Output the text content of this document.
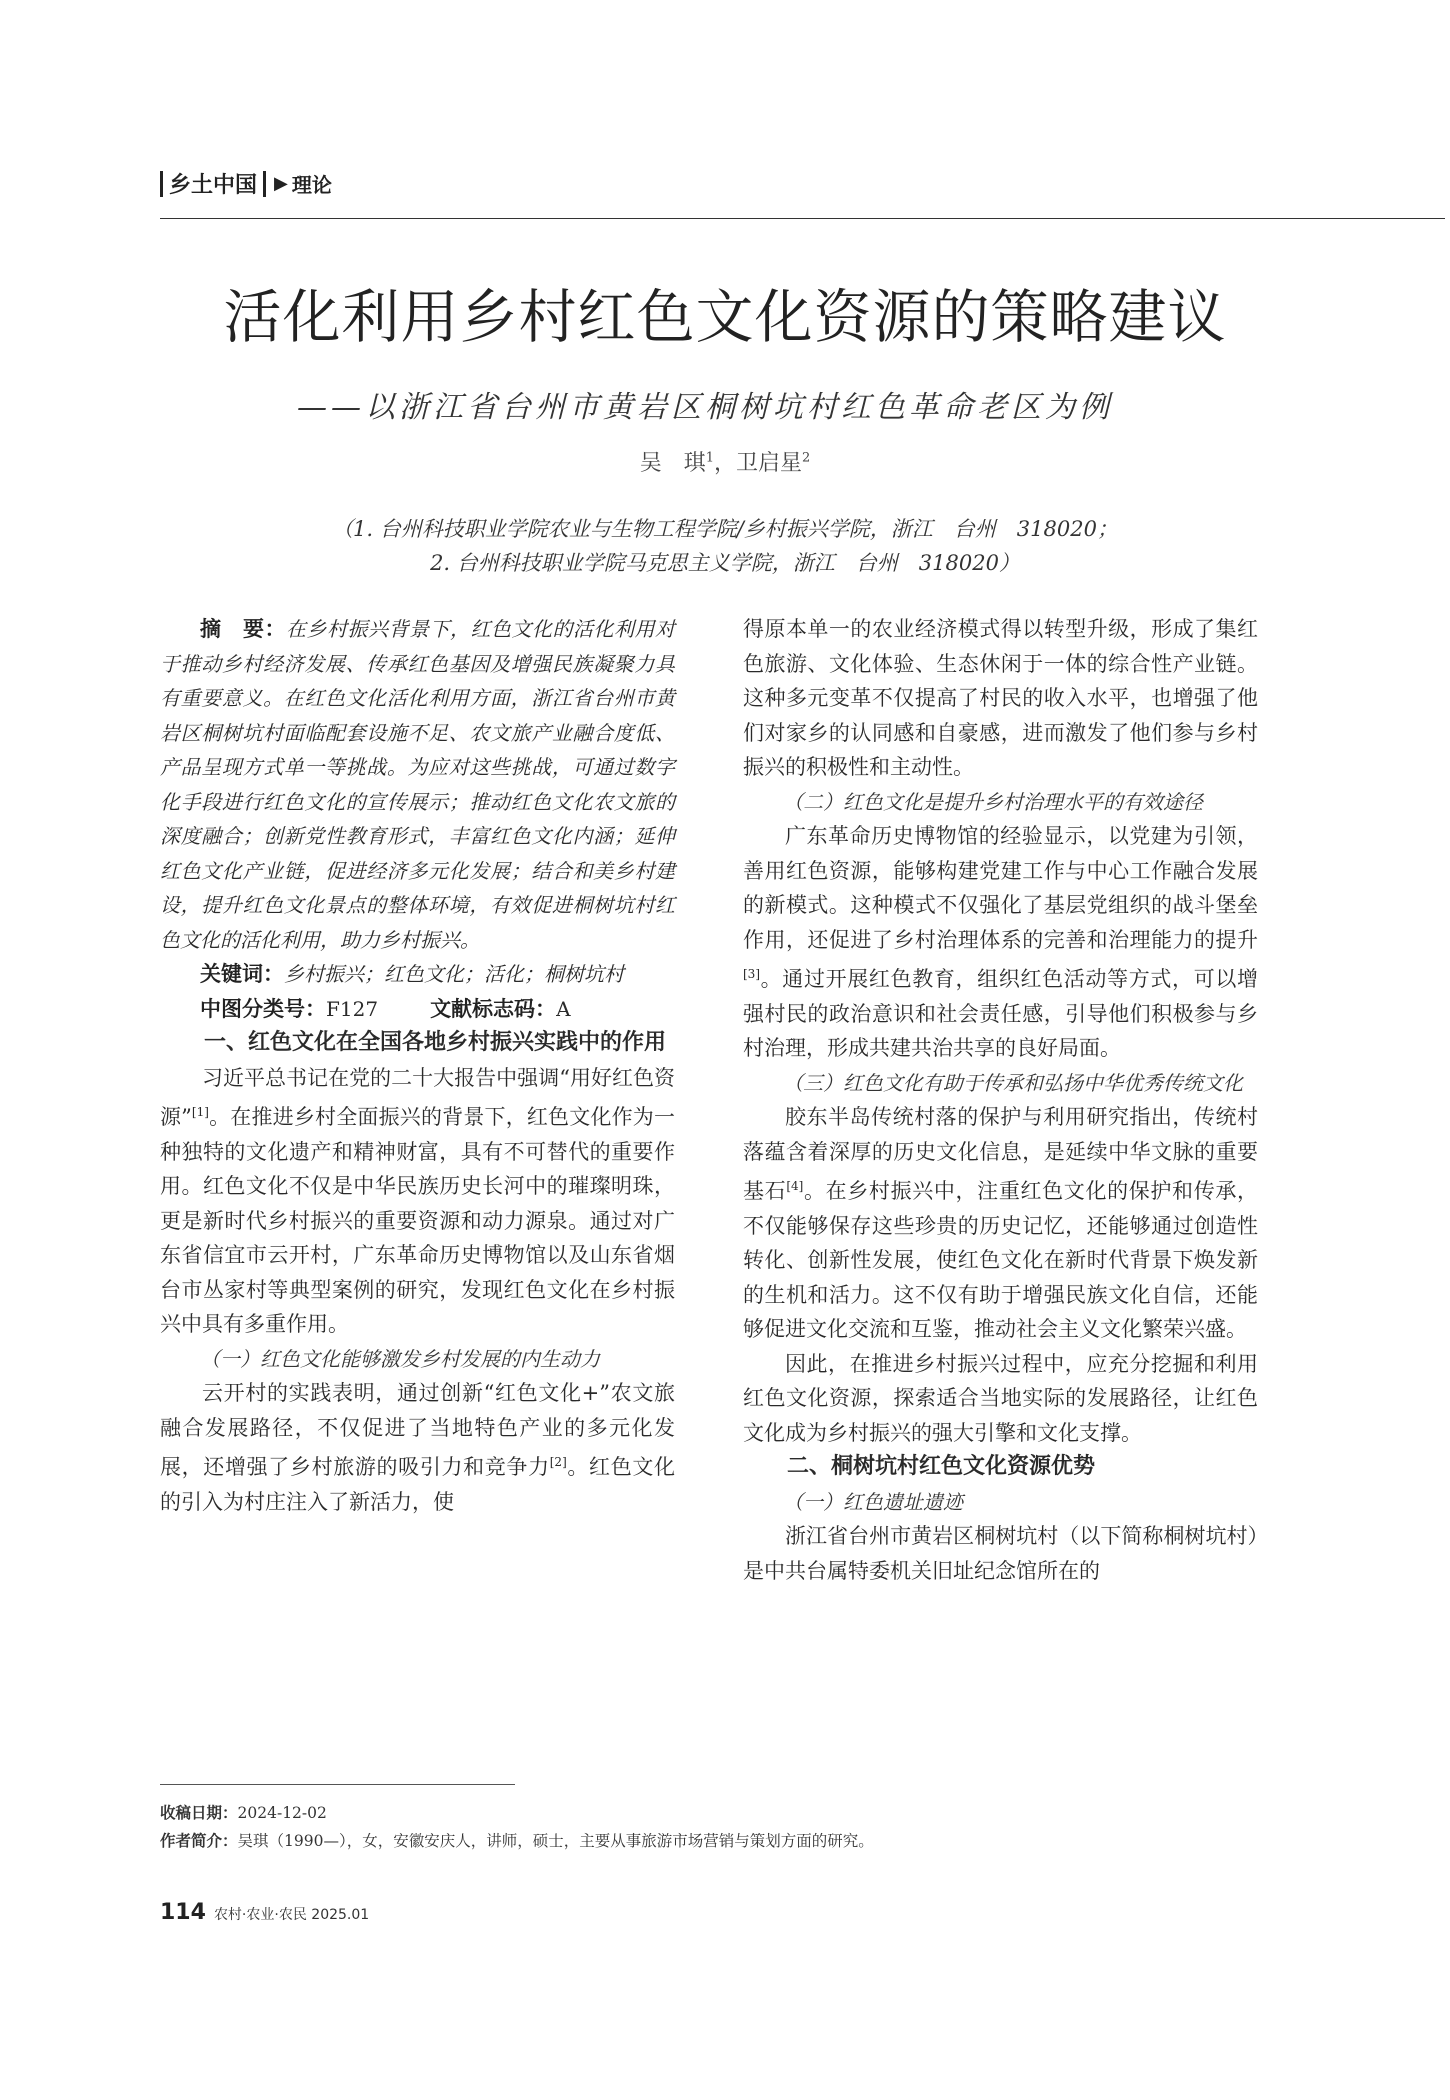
乡土中国 ▶ 理论
活化利用乡村红色文化资源的策略建议
——以浙江省台州市黄岩区桐树坑村红色革命老区为例
吴　琪$^1$，卫启星$^2$
（1. 台州科技职业学院农业与生物工程学院/乡村振兴学院，浙江　台州　318020；
2. 台州科技职业学院马克思主义学院，浙江　台州　318020）

摘　要：在乡村振兴背景下，红色文化的活化利用对于推动乡村经济发展、传承红色基因及增强民族凝聚力具有重要意义。在红色文化活化利用方面，浙江省台州市黄岩区桐树坑村面临配套设施不足、农文旅产业融合度低、产品呈现方式单一等挑战。为应对这些挑战，可通过数字化手段进行红色文化的宣传展示；推动红色文化农文旅的深度融合；创新党性教育形式，丰富红色文化内涵；延伸红色文化产业链，促进经济多元化发展；结合和美乡村建设，提升红色文化景点的整体环境，有效促进桐树坑村红色文化的活化利用，助力乡村振兴。

关键词：乡村振兴；红色文化；活化；桐树坑村

中图分类号：F127 文献标志码：A

一、红色文化在全国各地乡村振兴实践中的作用

习近平总书记在党的二十大报告中强调“用好红色资源”[1]。在推进乡村全面振兴的背景下，红色文化作为一种独特的文化遗产和精神财富，具有不可替代的重要作用。红色文化不仅是中华民族历史长河中的璀璨明珠，更是新时代乡村振兴的重要资源和动力源泉。通过对广东省信宜市云开村，广东革命历史博物馆以及山东省烟台市丛家村等典型案例的研究，发现红色文化在乡村振兴中具有多重作用。

（一）红色文化能够激发乡村发展的内生动力

云开村的实践表明，通过创新“红色文化+”农文旅融合发展路径，不仅促进了当地特色产业的多元化发展，还增强了乡村旅游的吸引力和竞争力[2]。红色文化的引入为村庄注入了新活力，使

得原本单一的农业经济模式得以转型升级，形成了集红色旅游、文化体验、生态休闲于一体的综合性产业链。这种多元变革不仅提高了村民的收入水平，也增强了他们对家乡的认同感和自豪感，进而激发了他们参与乡村振兴的积极性和主动性。

（二）红色文化是提升乡村治理水平的有效途径

广东革命历史博物馆的经验显示，以党建为引领，善用红色资源，能够构建党建工作与中心工作融合发展的新模式。这种模式不仅强化了基层党组织的战斗堡垒作用，还促进了乡村治理体系的完善和治理能力的提升[3]。通过开展红色教育，组织红色活动等方式，可以增强村民的政治意识和社会责任感，引导他们积极参与乡村治理，形成共建共治共享的良好局面。

（三）红色文化有助于传承和弘扬中华优秀传统文化

胶东半岛传统村落的保护与利用研究指出，传统村落蕴含着深厚的历史文化信息，是延续中华文脉的重要基石[4]。在乡村振兴中，注重红色文化的保护和传承，不仅能够保存这些珍贵的历史记忆，还能够通过创造性转化、创新性发展，使红色文化在新时代背景下焕发新的生机和活力。这不仅有助于增强民族文化自信，还能够促进文化交流和互鉴，推动社会主义文化繁荣兴盛。

因此，在推进乡村振兴过程中，应充分挖掘和利用红色文化资源，探索适合当地实际的发展路径，让红色文化成为乡村振兴的强大引擎和文化支撑。

二、桐树坑村红色文化资源优势

（一）红色遗址遗迹

浙江省台州市黄岩区桐树坑村（以下简称桐树坑村）是中共台属特委机关旧址纪念馆所在的

收稿日期：2024-12-02
作者简介：吴琪（1990—），女，安徽安庆人，讲师，硕士，主要从事旅游市场营销与策划方面的研究。
114 农村·农业·农民 2025.01
